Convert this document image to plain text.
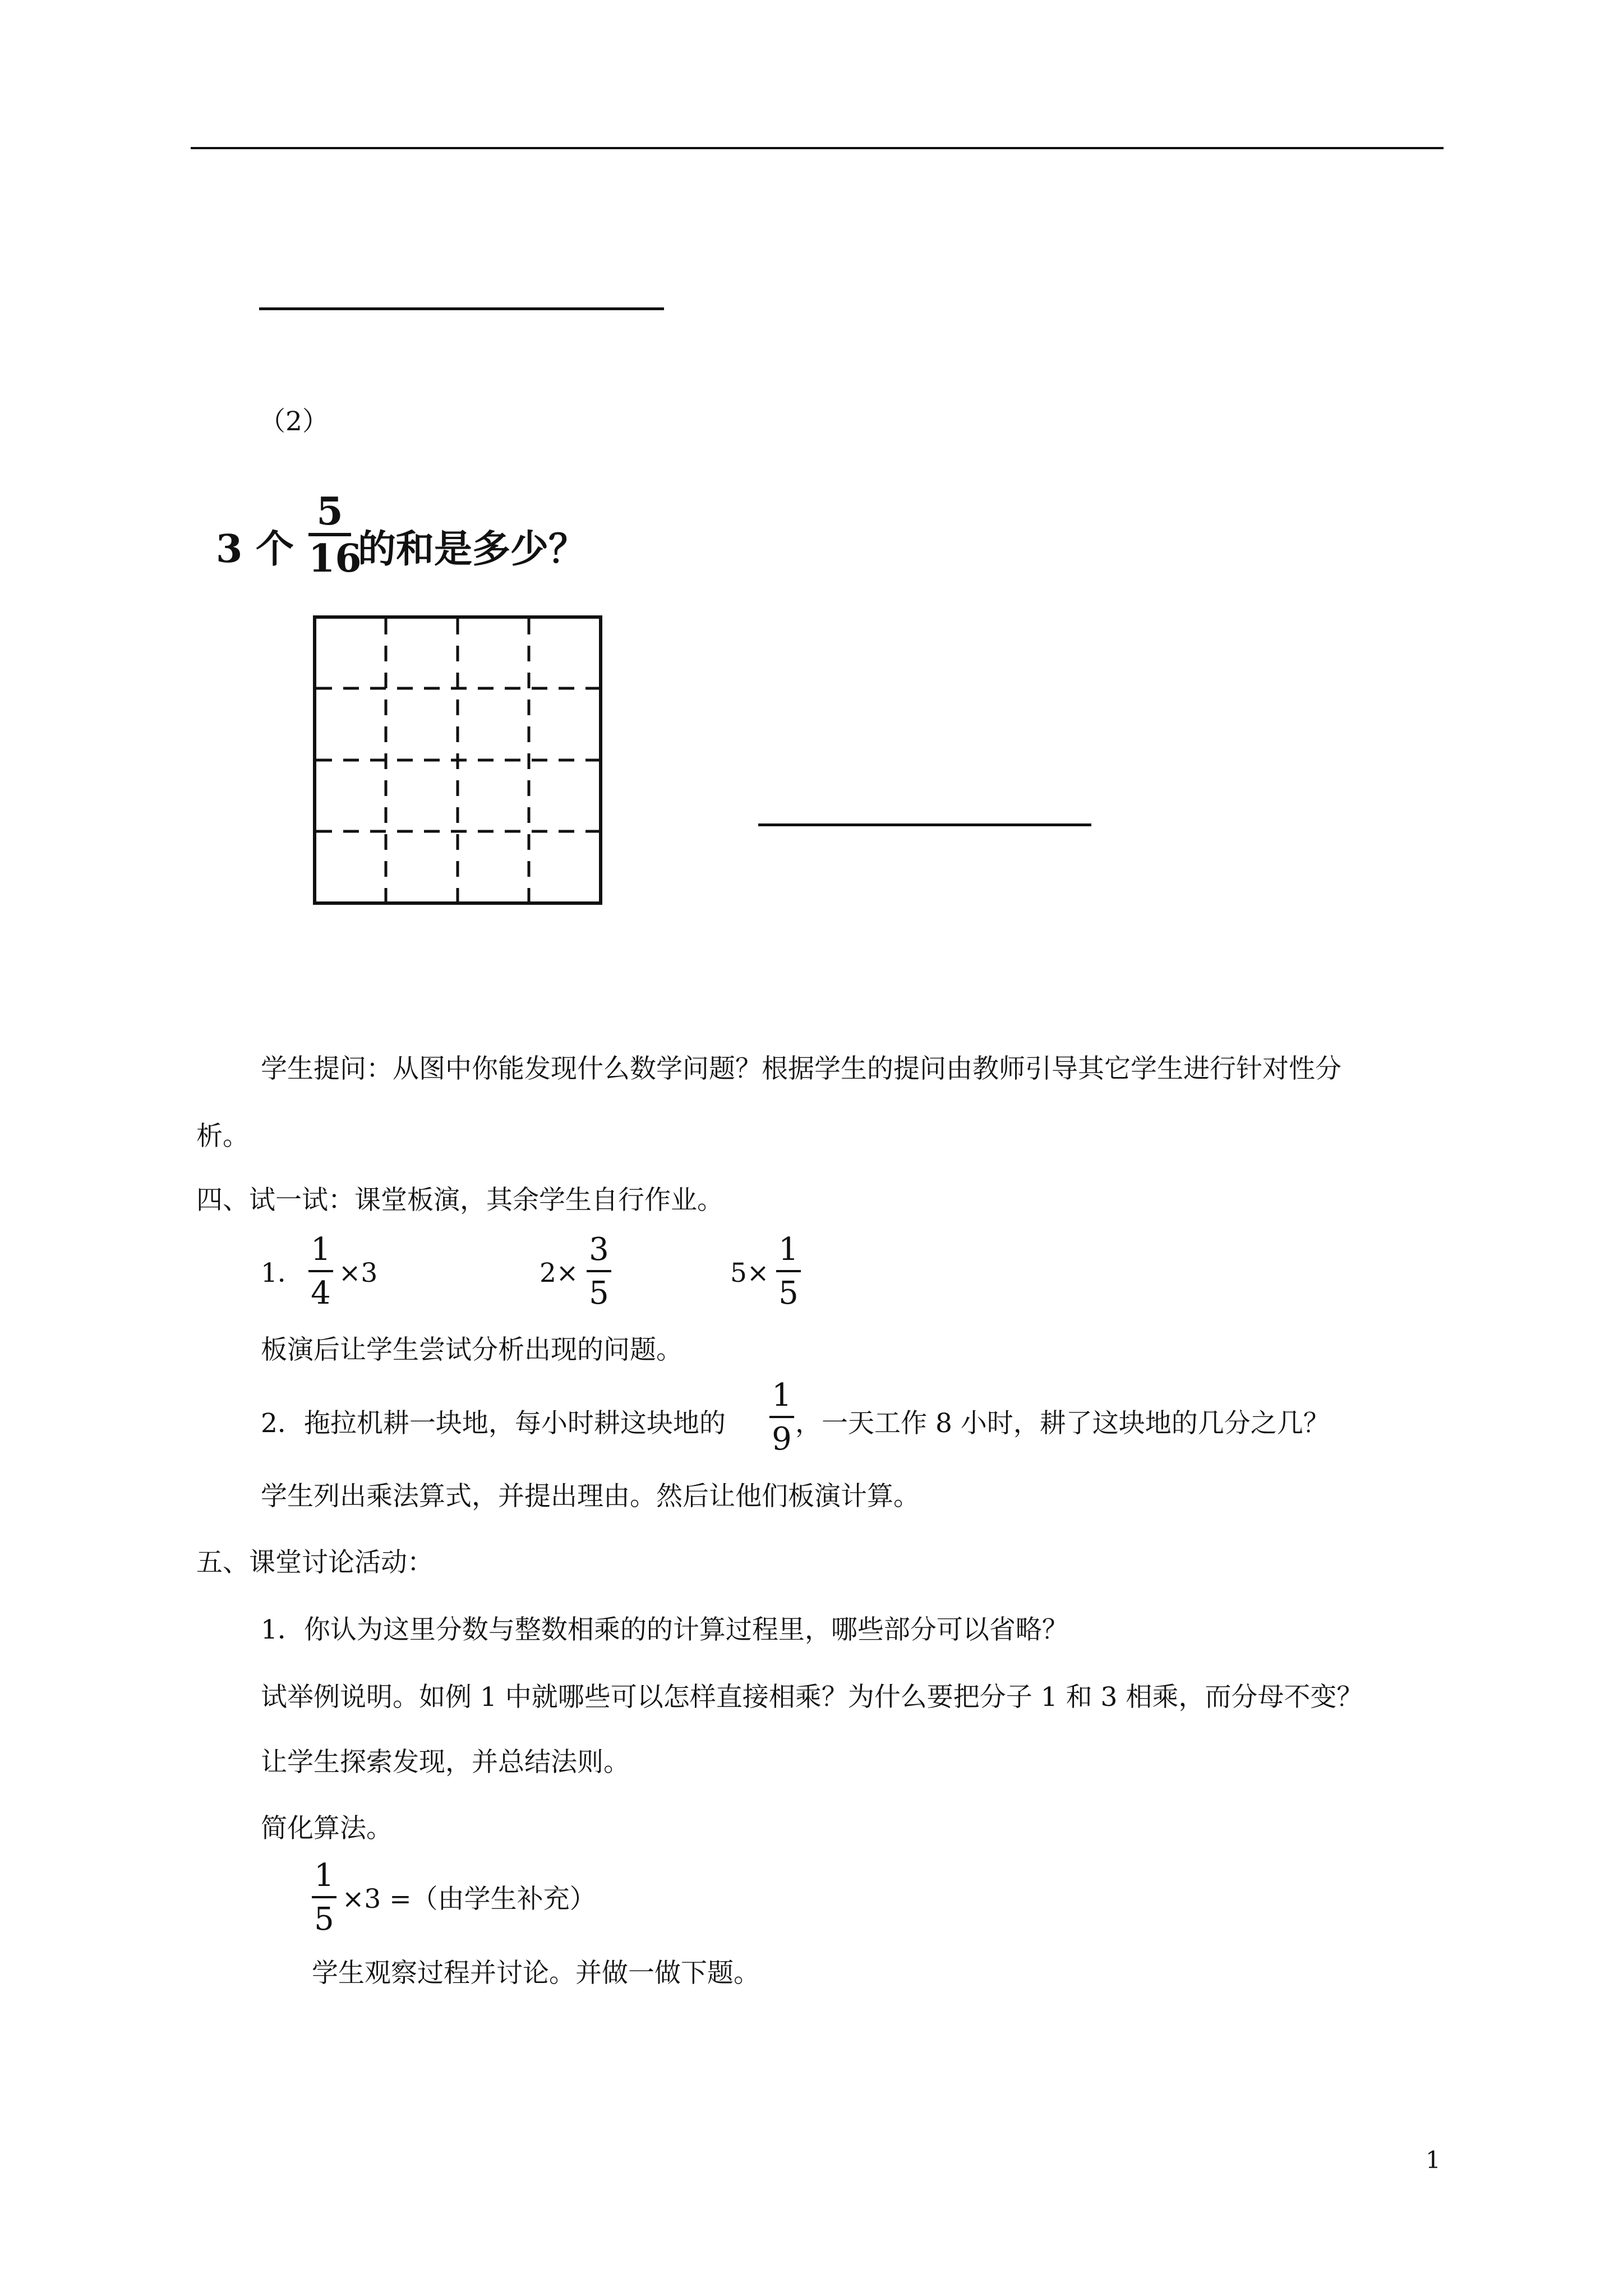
（2）
3 个
5
16
的和是多少？
学生提问：从图中你能发现什么数学问题？根据学生的提问由教师引导其它学生进行针对性分
析。
四、试一试：课堂板演，其余学生自行作业。
1．
1
4
×3	2×
3
5
5×
1
5
板演后让学生尝试分析出现的问题。
2．拖拉机耕一块地，每小时耕这块地的
1
9 ，一天工作 8 小时，耕了这块地的几分之几？
学生列出乘法算式，并提出理由。然后让他们板演计算。
五、课堂讨论活动：
1．你认为这里分数与整数相乘的的计算过程里，哪些部分可以省略？
试举例说明。如例 1 中就哪些可以怎样直接相乘？为什么要把分子 1 和 3 相乘，而分母不变？
让学生探索发现，并总结法则。
简化算法。
1
5
×3 =（由学生补充）
学生观察过程并讨论。并做一做下题。
1
